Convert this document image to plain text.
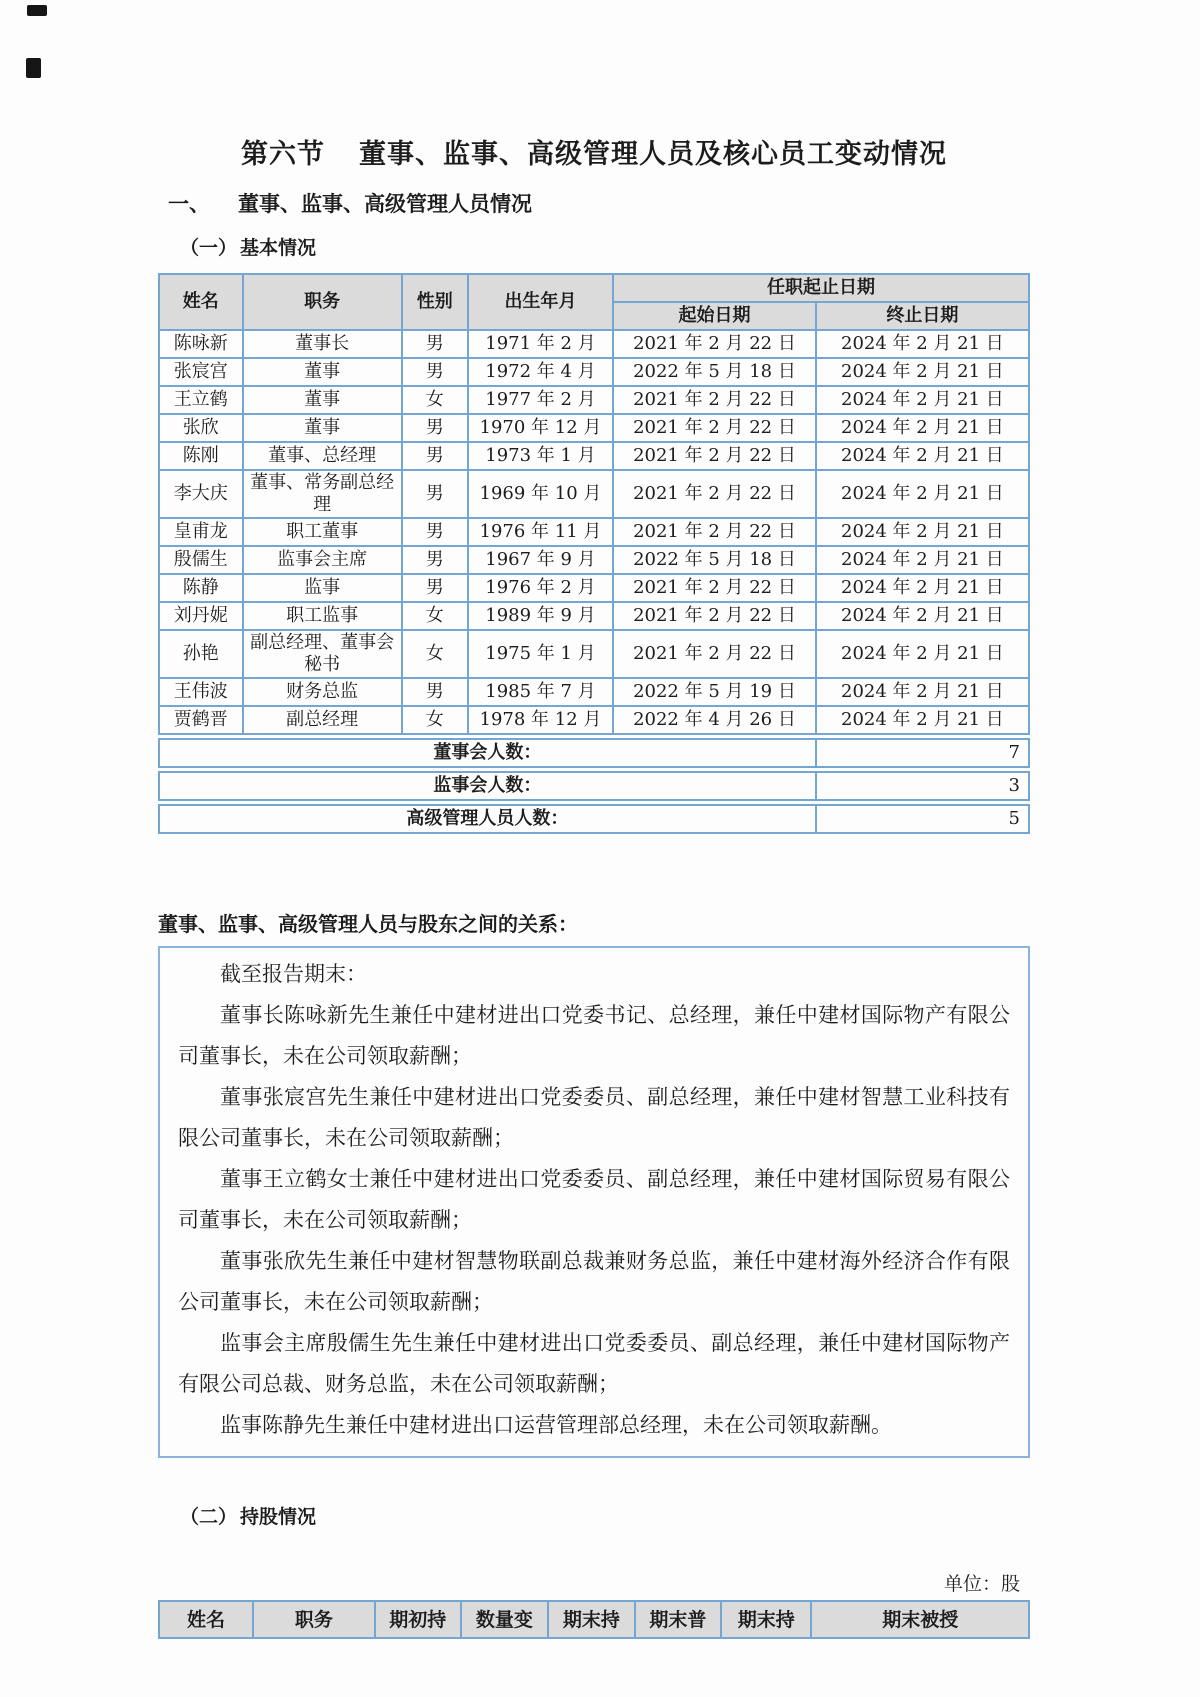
第六节 董事、监事、高级管理人员及核心员工变动情况
一、	董事、监事、高级管理人员情况
（一） 基本情况
姓名	职务	性别	出生年月	任职起止日期	
				起始日期	终止日期
陈咏新	董事长	男	1971 年 2 月	2021 年 2 月 22 日	2024 年 2 月 21 日
张宸宫	董事	男	1972 年 4 月	2022 年 5 月 18 日	2024 年 2 月 21 日
王立鹤	董事	女	1977 年 2 月	2021 年 2 月 22 日	2024 年 2 月 21 日
张欣	董事	男	1970 年 12 月	2021 年 2 月 22 日	2024 年 2 月 21 日
陈刚	董事、总经理	男	1973 年 1 月	2021 年 2 月 22 日	2024 年 2 月 21 日
李大庆	董事、常务副总经理	男	1969 年 10 月	2021 年 2 月 22 日	2024 年 2 月 21 日
皇甫龙	职工董事	男	1976 年 11 月	2021 年 2 月 22 日	2024 年 2 月 21 日
殷儒生	监事会主席	男	1967 年 9 月	2022 年 5 月 18 日	2024 年 2 月 21 日
陈静	监事	男	1976 年 2 月	2021 年 2 月 22 日	2024 年 2 月 21 日
刘丹妮	职工监事	女	1989 年 9 月	2021 年 2 月 22 日	2024 年 2 月 21 日
孙艳	副总经理、董事会秘书	女	1975 年 1 月	2021 年 2 月 22 日	2024 年 2 月 21 日
王伟波	财务总监	男	1985 年 7 月	2022 年 5 月 19 日	2024 年 2 月 21 日
贾鹤晋	副总经理	女	1978 年 12 月	2022 年 4 月 26 日	2024 年 2 月 21 日
董事会人数：	7
监事会人数：	3
高级管理人员人数：	5
董事、监事、高级管理人员与股东之间的关系：

截至报告期末：

董事长陈咏新先生兼任中建材进出口党委书记、总经理，兼任中建材国际物产有限公司董事长，未在公司领取薪酬；

董事张宸宫先生兼任中建材进出口党委委员、副总经理，兼任中建材智慧工业科技有限公司董事长，未在公司领取薪酬；

董事王立鹤女士兼任中建材进出口党委委员、副总经理，兼任中建材国际贸易有限公司董事长，未在公司领取薪酬；

董事张欣先生兼任中建材智慧物联副总裁兼财务总监，兼任中建材海外经济合作有限公司董事长，未在公司领取薪酬；

监事会主席殷儒生先生兼任中建材进出口党委委员、副总经理，兼任中建材国际物产有限公司总裁、财务总监，未在公司领取薪酬；

监事陈静先生兼任中建材进出口运营管理部总经理，未在公司领取薪酬。

（二） 持股情况
单位：股
姓名	职务	期初持	数量变	期末持	期末普	期末持	期末被授
